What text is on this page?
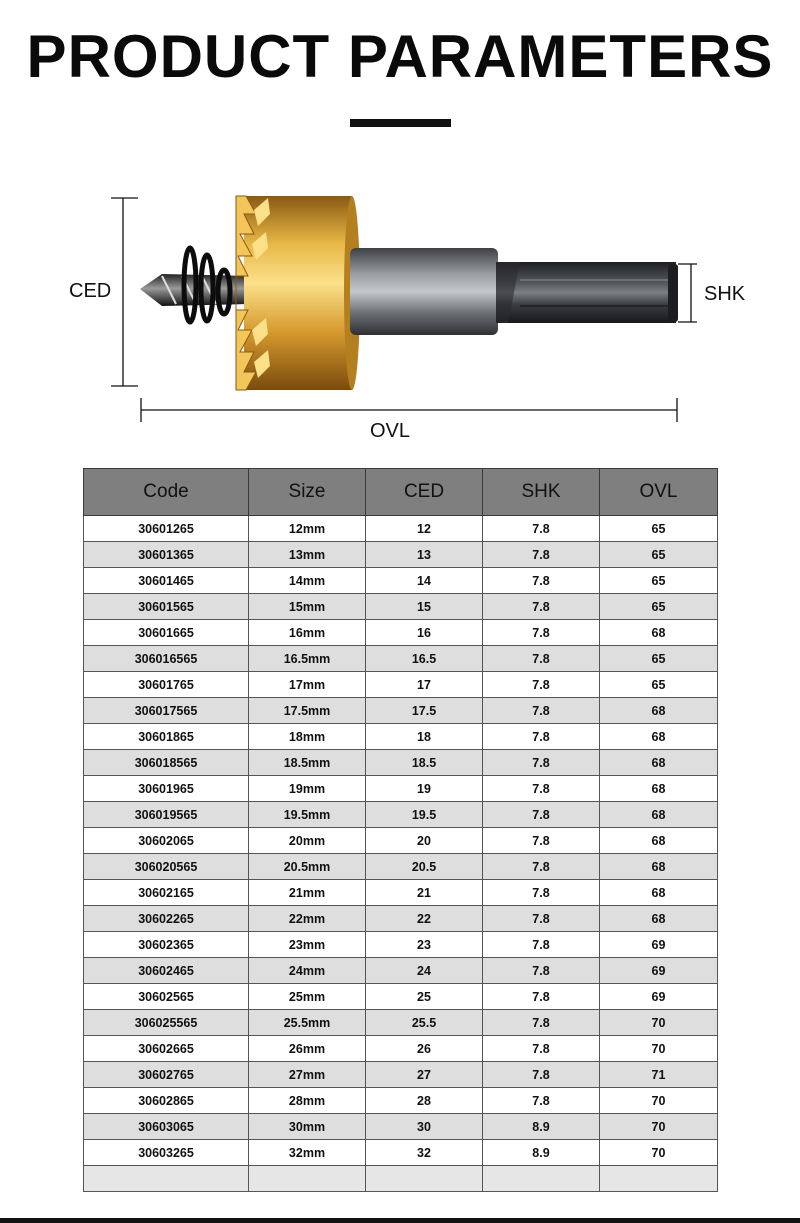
PRODUCT PARAMETERS
CED	SHK
OVL
Code	Size	CED	SHK	OVL
30601265	12mm	12	7.8	65
30601365	13mm	13	7.8	65
30601465	14mm	14	7.8	65
30601565	15mm	15	7.8	65
30601665	16mm	16	7.8	68
306016565	16.5mm	16.5	7.8	65
30601765	17mm	17	7.8	65
306017565	17.5mm	17.5	7.8	68
30601865	18mm	18	7.8	68
306018565	18.5mm	18.5	7.8	68
30601965	19mm	19	7.8	68
306019565	19.5mm	19.5	7.8	68
30602065	20mm	20	7.8	68
306020565	20.5mm	20.5	7.8	68
30602165	21mm	21	7.8	68
30602265	22mm	22	7.8	68
30602365	23mm	23	7.8	69
30602465	24mm	24	7.8	69
30602565	25mm	25	7.8	69
306025565	25.5mm	25.5	7.8	70
30602665	26mm	26	7.8	70
30602765	27mm	27	7.8	71
30602865	28mm	28	7.8	70
30603065	30mm	30	8.9	70
30603265	32mm	32	8.9	70
